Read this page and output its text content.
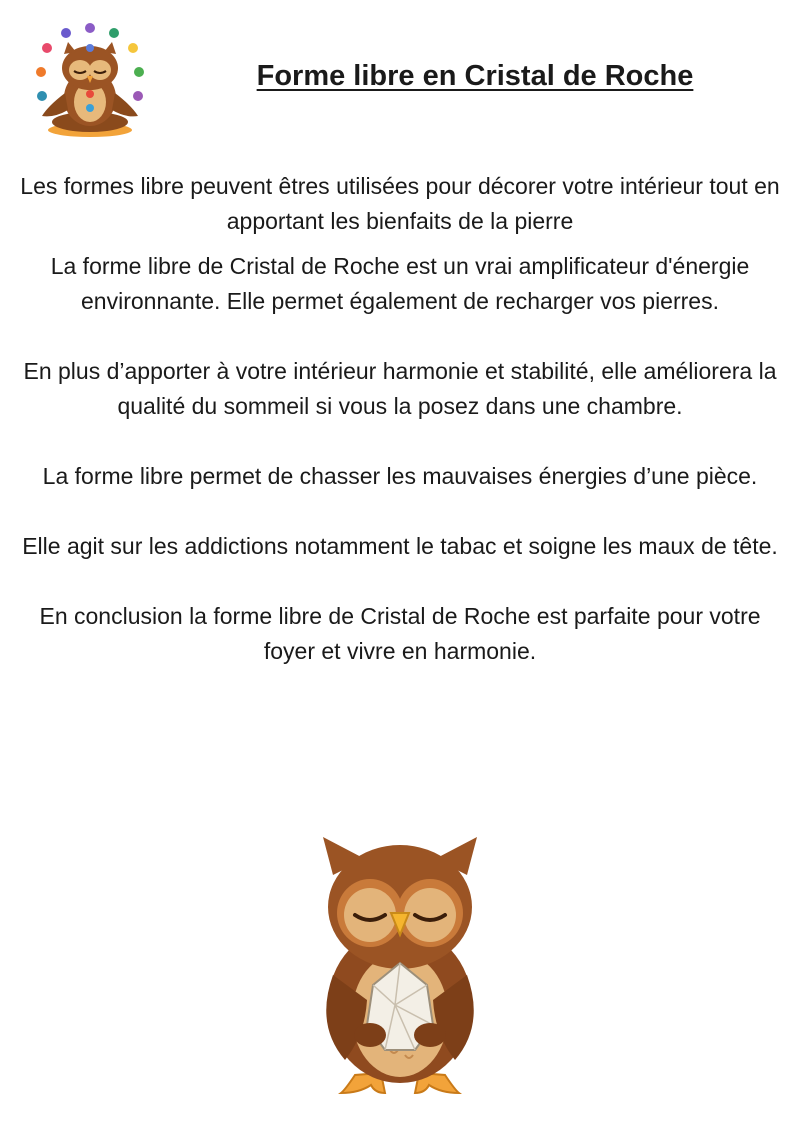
Forme libre en Cristal de Roche

Les formes libre peuvent êtres utilisées pour décorer votre intérieur tout en apportant les bienfaits de la pierre

La forme libre de Cristal de Roche est un vrai amplificateur d'énergie environnante. Elle permet également de recharger vos pierres.

En plus d’apporter à votre intérieur harmonie et stabilité, elle améliorera la qualité du sommeil si vous la posez dans une chambre.

La forme libre permet de chasser les mauvaises énergies d’une pièce.

Elle agit sur les addictions notamment le tabac et soigne les maux de tête.

En conclusion la forme libre de Cristal de Roche est parfaite pour votre foyer et vivre en harmonie.
